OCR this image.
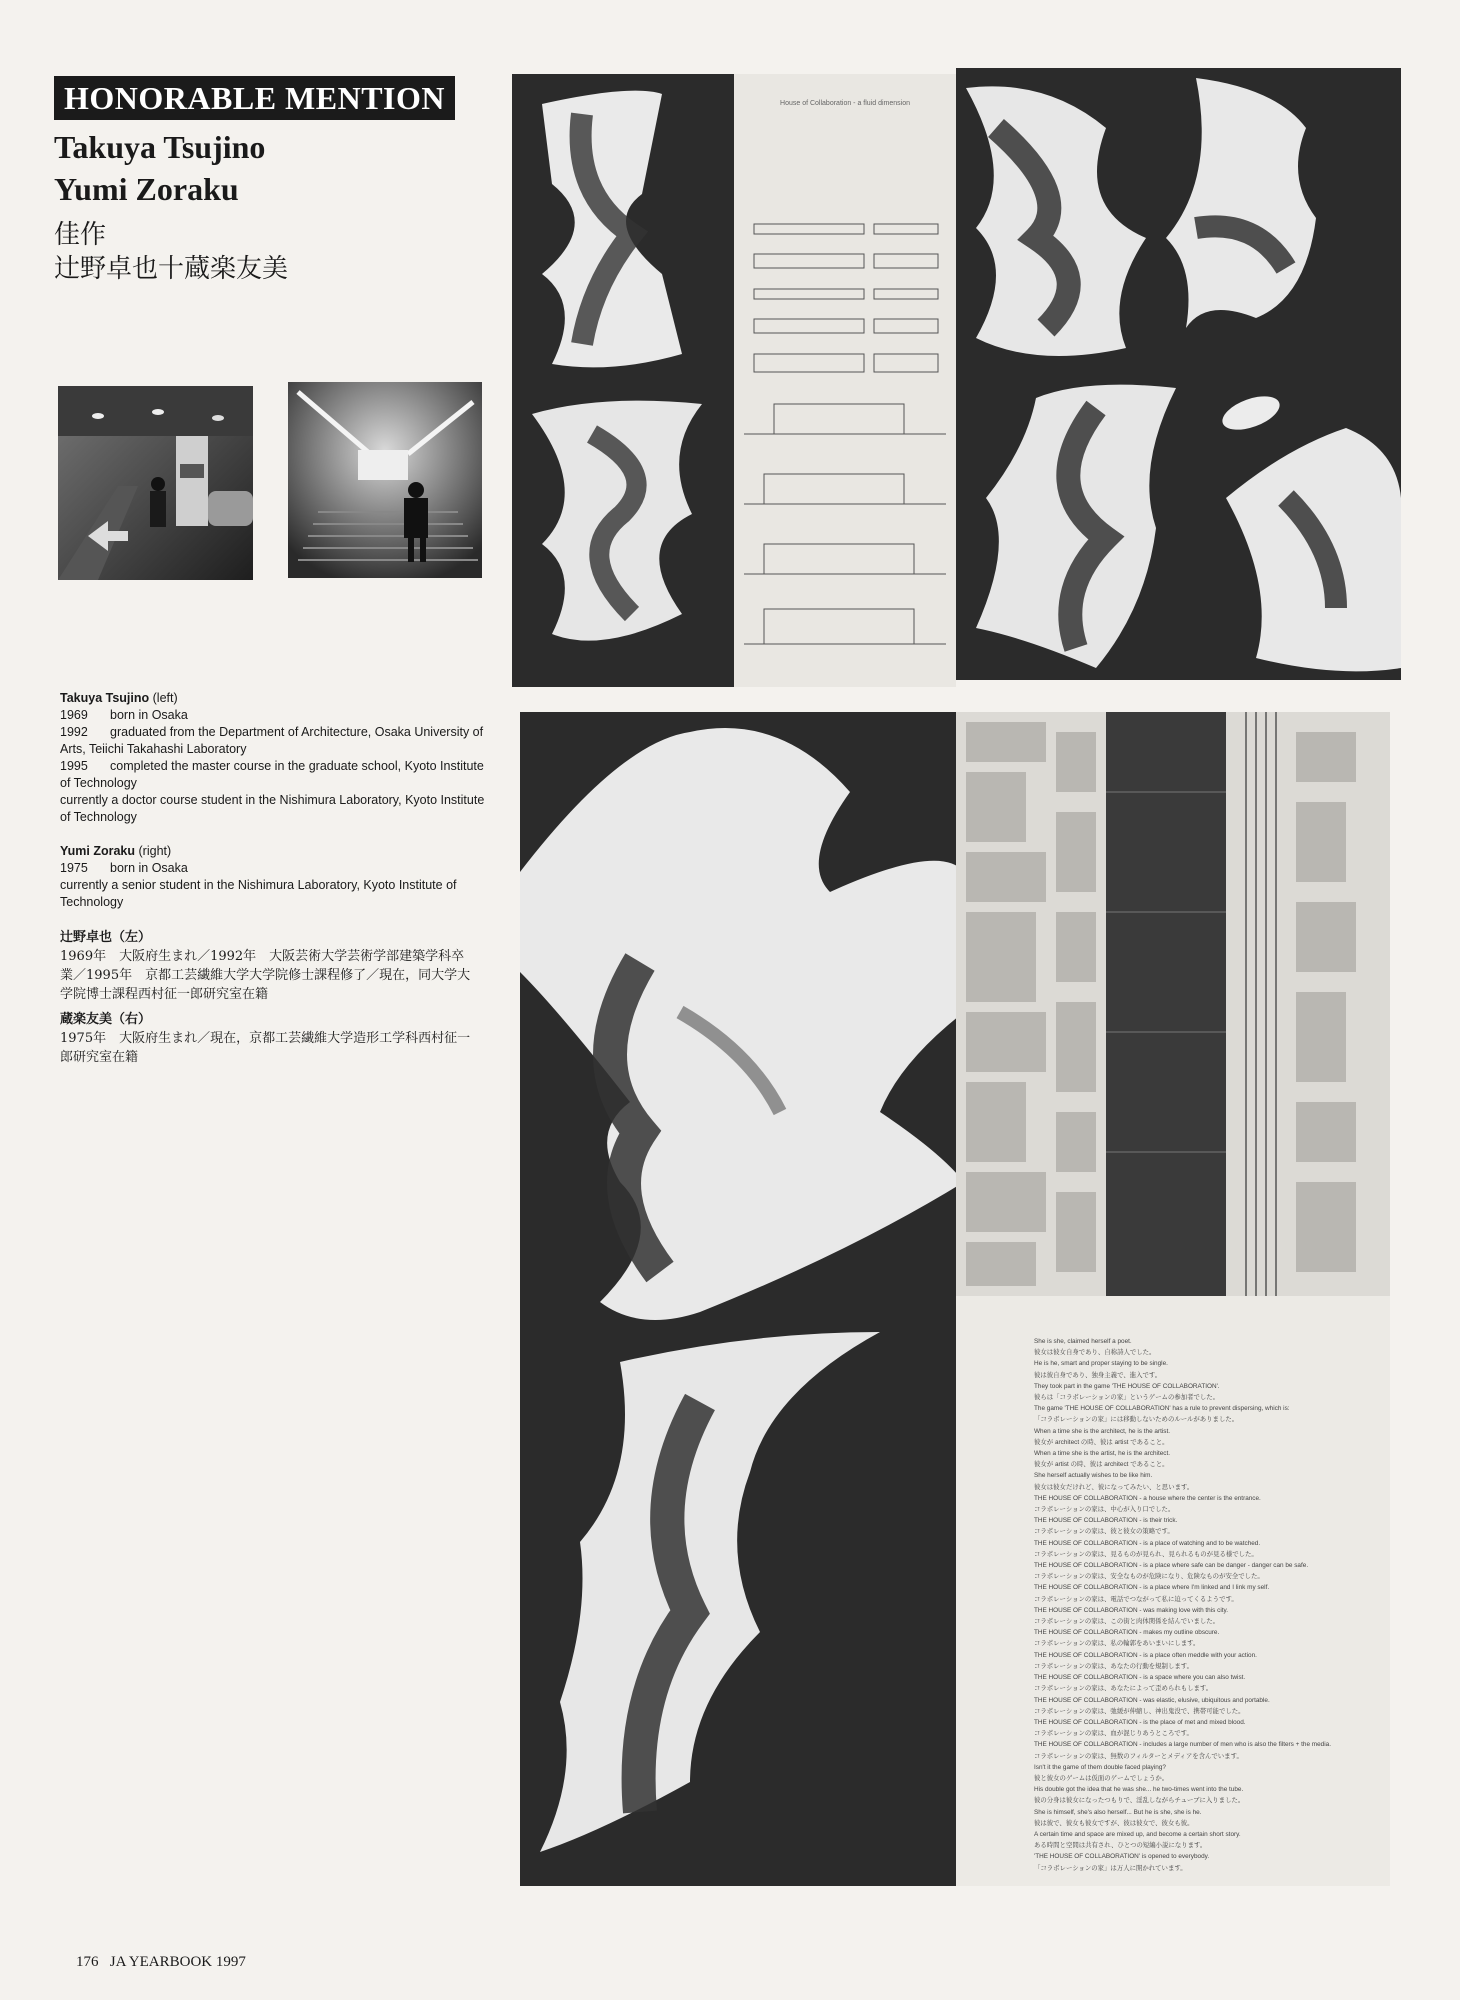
HONORABLE MENTION
Takuya Tsujino
Yumi Zoraku
佳作
辻野卓也十蔵楽友美

Takuya Tsujino (left)

1969 born in Osaka

1992 graduated from the Department of Architecture, Osaka University of

Arts, Teiichi Takahashi Laboratory

1995 completed the master course in the graduate school, Kyoto Institute

of Technology

currently a doctor course student in the Nishimura Laboratory, Kyoto Institute

of Technology

Yumi Zoraku (right)

1975 born in Osaka

currently a senior student in the Nishimura Laboratory, Kyoto Institute of

Technology

辻野卓也（左）

1969年　大阪府生まれ／1992年　大阪芸術大学芸術学部建築学科卒

業／1995年　京都工芸繊維大学大学院修士課程修了／現在，同大学大

学院博士課程西村征一郎研究室在籍

蔵楽友美（右）

1975年　大阪府生まれ／現在，京都工芸繊維大学造形工学科西村征一

郎研究室在籍

176 JA YEARBOOK 1997
House of Collaboration - a fluid dimension
She is she, claimed herself a poet.
彼女は彼女自身であり、自称詩人でした。
He is he, smart and proper staying to be single.
彼は彼自身であり、独身主義で、進入です。
They took part in the game 'THE HOUSE OF COLLABORATION'.
彼らは「コラボレーションの家」というゲームの参加者でした。
The game 'THE HOUSE OF COLLABORATION' has a rule to prevent dispersing, which is:
「コラボレーションの家」には移動しないためのルールがありました。
When a time she is the architect, he is the artist.
彼女が architect の時、彼は artist であること。
When a time she is the artist, he is the architect.
彼女が artist の時、彼は architect であること。
She herself actually wishes to be like him.
彼女は彼女だけれど、彼になってみたい、と思います。
THE HOUSE OF COLLABORATION - a house where the center is the entrance.
コラボレーションの家は、中心が入り口でした。
THE HOUSE OF COLLABORATION - is their trick.
コラボレーションの家は、彼と彼女の策略です。
THE HOUSE OF COLLABORATION - is a place of watching and to be watched.
コラボレーションの家は、見るものが見られ、見られるものが見る様でした。
THE HOUSE OF COLLABORATION - is a place where safe can be danger - danger can be safe.
コラボレーションの家は、安全なものが危険になり、危険なものが安全でした。
THE HOUSE OF COLLABORATION - is a place where I'm linked and I link my self.
コラボレーションの家は、電話でつながって私に迫ってくるようです。
THE HOUSE OF COLLABORATION - was making love with this city.
コラボレーションの家は、この街と肉体関係を結んでいました。
THE HOUSE OF COLLABORATION - makes my outline obscure.
コラボレーションの家は、私の輪郭をあいまいにします。
THE HOUSE OF COLLABORATION - is a place often meddle with your action.
コラボレーションの家は、あなたの行動を規制します。
THE HOUSE OF COLLABORATION - is a space where you can also twist.
コラボレーションの家は、あなたによって歪められもします。
THE HOUSE OF COLLABORATION - was elastic, elusive, ubiquitous and portable.
コラボレーションの家は、弛緩が伸縮し、神出鬼没で、携帯可能でした。
THE HOUSE OF COLLABORATION - is the place of met and mixed blood.
コラボレーションの家は、血が混じりあうところです。
THE HOUSE OF COLLABORATION - includes a large number of men who is also the filters + the media.
コラボレーションの家は、無数のフィルターとメディアを含んでいます。
Isn't it the game of them double faced playing?
彼と彼女のゲームは仮面のゲームでしょうか。
His double got the idea that he was she... he two-times went into the tube.
彼の分身は彼女になったつもりで、淫乱しながらチューブに入りました。
She is himself, she's also herself... But he is she, she is he.
彼は彼で、彼女も彼女ですが、彼は彼女で、彼女も彼。
A certain time and space are mixed up, and become a certain short story.
ある時間と空間は共有され、ひとつの短編小説になります。
'THE HOUSE OF COLLABORATION' is opened to everybody.
「コラボレーションの家」は万人に開かれています。
